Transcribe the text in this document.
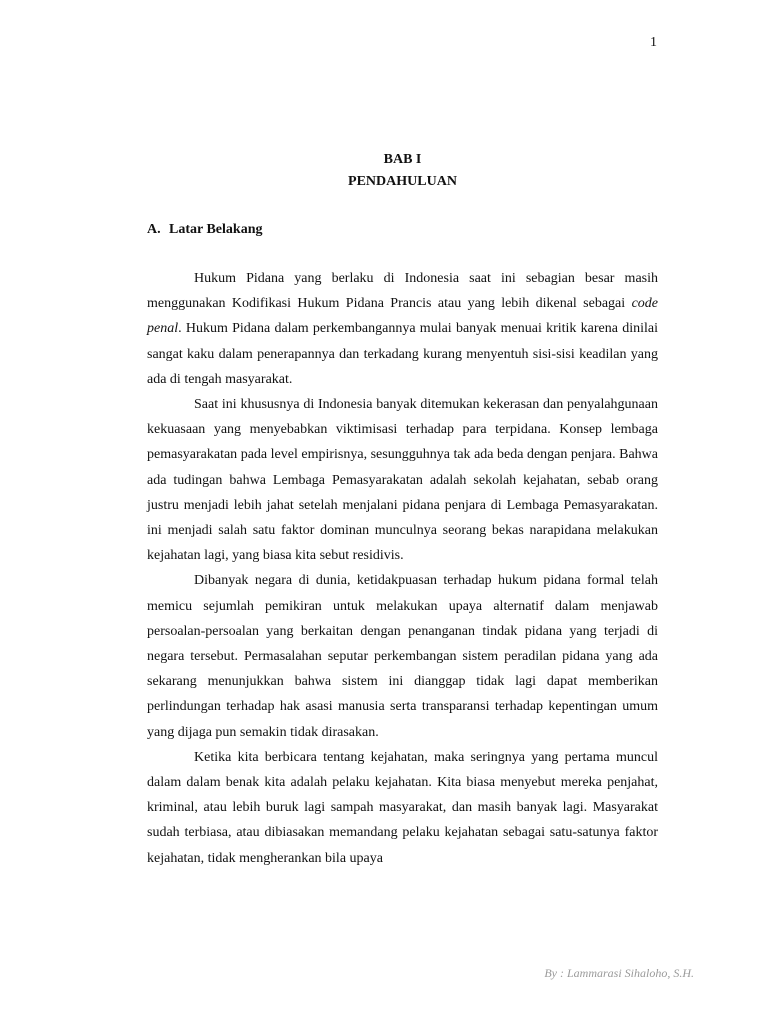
1
BAB I
PENDAHULUAN
A. Latar Belakang

Hukum Pidana yang berlaku di Indonesia saat ini sebagian besar masih menggunakan Kodifikasi Hukum Pidana Prancis atau yang lebih dikenal sebagai code penal. Hukum Pidana dalam perkembangannya mulai banyak menuai kritik karena dinilai sangat kaku dalam penerapannya dan terkadang kurang menyentuh sisi-sisi keadilan yang ada di tengah masyarakat.

Saat ini khususnya di Indonesia banyak ditemukan kekerasan dan penyalahgunaan kekuasaan yang menyebabkan viktimisasi terhadap para terpidana. Konsep lembaga pemasyarakatan pada level empirisnya, sesungguhnya tak ada beda dengan penjara. Bahwa ada tudingan bahwa Lembaga Pemasyarakatan adalah sekolah kejahatan, sebab orang justru menjadi lebih jahat setelah menjalani pidana penjara di Lembaga Pemasyarakatan. ini menjadi salah satu faktor dominan munculnya seorang bekas narapidana melakukan kejahatan lagi, yang biasa kita sebut residivis.

Dibanyak negara di dunia, ketidakpuasan terhadap hukum pidana formal telah memicu sejumlah pemikiran untuk melakukan upaya alternatif dalam menjawab persoalan-persoalan yang berkaitan dengan penanganan tindak pidana yang terjadi di negara tersebut. Permasalahan seputar perkembangan sistem peradilan pidana yang ada sekarang menunjukkan bahwa sistem ini dianggap tidak lagi dapat memberikan perlindungan terhadap hak asasi manusia serta transparansi terhadap kepentingan umum yang dijaga pun semakin tidak dirasakan.

Ketika kita berbicara tentang kejahatan, maka seringnya yang pertama muncul dalam dalam benak kita adalah pelaku kejahatan. Kita biasa menyebut mereka penjahat, kriminal, atau lebih buruk lagi sampah masyarakat, dan masih banyak lagi. Masyarakat sudah terbiasa, atau dibiasakan memandang pelaku kejahatan sebagai satu-satunya faktor kejahatan, tidak mengherankan bila upaya

By : Lammarasi Sihaloho, S.H.
